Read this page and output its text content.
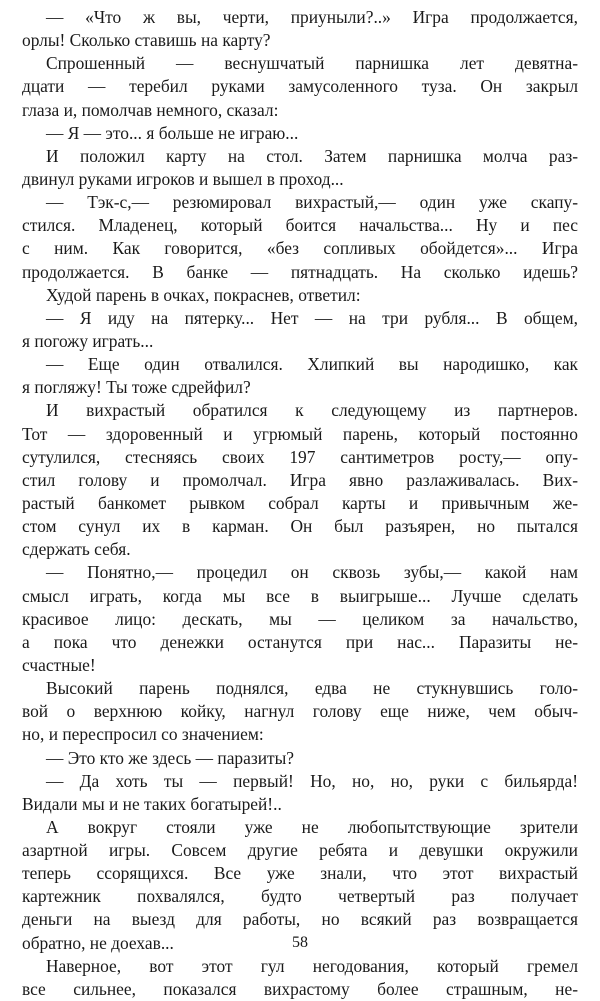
— «Что ж вы, черти, приуныли?..» Игра продолжается,
орлы! Сколько ставишь на карту?
Спрошенный — веснушчатый парнишка лет девятна-
дцати — теребил руками замусоленного туза. Он закрыл
глаза и, помолчав немного, сказал:
— Я — это... я больше не играю...
И положил карту на стол. Затем парнишка молча раз-
двинул руками игроков и вышел в проход...
— Тэк-с,— резюмировал вихрастый,— один уже скапу-
стился. Младенец, который боится начальства... Ну и пес
с ним. Как говорится, «без сопливых обойдется»... Игра
продолжается. В банке — пятнадцать. На сколько идешь?
Худой парень в очках, покраснев, ответил:
— Я иду на пятерку... Нет — на три рубля... В общем,
я погожу играть...
— Еще один отвалился. Хлипкий вы народишко, как
я погляжу! Ты тоже сдрейфил?
И вихрастый обратился к следующему из партнеров.
Тот — здоровенный и угрюмый парень, который постоянно
сутулился, стесняясь своих 197 сантиметров росту,— опу-
стил голову и промолчал. Игра явно разлаживалась. Вих-
растый банкомет рывком собрал карты и привычным же-
стом сунул их в карман. Он был разъярен, но пытался
сдержать себя.
— Понятно,— процедил он сквозь зубы,— какой нам
смысл играть, когда мы все в выигрыше... Лучше сделать
красивое лицо: дескать, мы — целиком за начальство,
а пока что денежки останутся при нас... Паразиты не-
счастные!
Высокий парень поднялся, едва не стукнувшись голо-
вой о верхнюю койку, нагнул голову еще ниже, чем обыч-
но, и переспросил со значением:
— Это кто же здесь — паразиты?
— Да хоть ты — первый! Но, но, но, руки с бильярда!
Видали мы и не таких богатырей!..
А вокруг стояли уже не любопытствующие зрители
азартной игры. Совсем другие ребята и девушки окружили
теперь ссорящихся. Все уже знали, что этот вихрастый
картежник похвалялся, будто четвертый раз получает
деньги на выезд для работы, но всякий раз возвращается
обратно, не доехав...
Наверное, вот этот гул негодования, который гремел
все сильнее, показался вихрастому более страшным, не-
58
